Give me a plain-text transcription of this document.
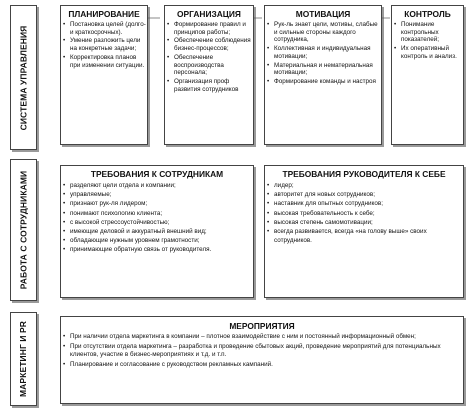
СИСТЕМА УПРАВЛЕНИЯ
ПЛАНИРОВАНИЕ
• Постановка целей (долго- и краткосрочных).
• Умение разложить цели на конкретные задачи;
• Корректировка планов при изменении ситуации.
ОРГАНИЗАЦИЯ
• Формирование правил и принципов работы;
• Обеспечение соблюдения бизнес-процессов;
• Обеспечение воспроизводства персонала;
• Организация проф развития сотрудников
МОТИВАЦИЯ
• Рук-ль знает цели, мотивы, слабые и сильные стороны каждого сотрудника,
• Коллективная и индивидуальная мотивации;
• Материальная и нематериальная мотивации;
• Формирование команды и настроя
КОНТРОЛЬ
• Понимание контрольных показателей;
• Их оперативный контроль и анализ.
РАБОТА С СОТРУДНИКАМИ	ТРЕБОВАНИЯ К СОТРУДНИКАМ
• разделяют цели отдела и компании;
• управляемые;
• признают рук-ля лидером;
• понимают психологию клиента;
• с высокой стрессоустойчивостью;
• имеющие деловой и аккуратный внешний вид;
• обладающие нужным уровнем грамотности;
• принимающие обратную связь от руководителя.
ТРЕБОВАНИЯ РУКОВОДИТЕЛЯ К СЕБЕ
• лидер;
• авторитет для новых сотрудников;
• наставник для опытных сотрудников;
• высокая требовательность к себе;
• высокая степень самомотивации;
• всегда развивается, всегда «на голову выше» своих сотрудников.
МАРКЕТИНГ И PR	МЕРОПРИЯТИЯ
• При наличии отдела маркетинга в компании – плотное взаимодействие с ним и постоянный информационный обмен;
• При отсутствии отдела маркетинга – разработка и проведение сбытовых акций, проведение мероприятий для потенциальных клиентов, участие в бизнес-мероприятиях и т.д. и т.п.
• Планирование и согласование с руководством рекламных кампаний.
